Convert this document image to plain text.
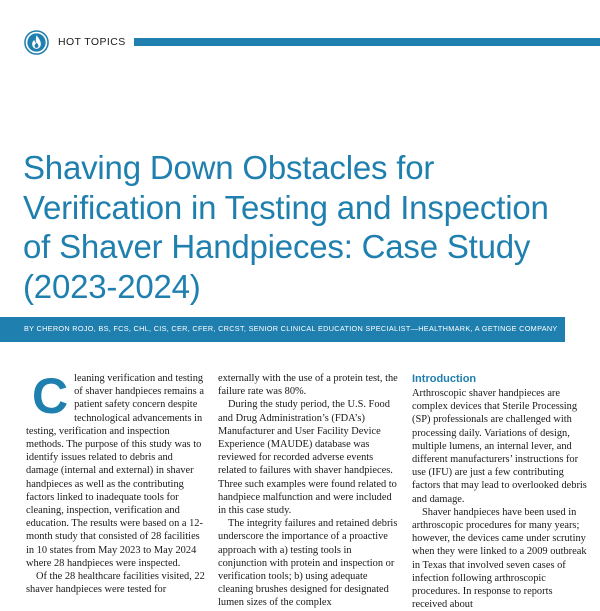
HOT TOPICS
Shaving Down Obstacles for Verification in Testing and Inspection of Shaver Handpieces: Case Study (2023-2024)
BY CHERON ROJO, BS, FCS, CHL, CIS, CER, CFER, CRCST, SENIOR CLINICAL EDUCATION SPECIALIST—HEALTHMARK, A GETINGE COMPANY

Cleaning verification and testing of shaver handpieces remains a patient safety concern despite technological advancements in testing, verification and inspection methods. The purpose of this study was to identify issues related to debris and damage (internal and external) in shaver handpieces as well as the contributing factors linked to inadequate tools for cleaning, inspection, verification and education. The results were based on a 12-month study that consisted of 28 facilities in 10 states from May 2023 to May 2024 where 28 handpieces were inspected.

Of the 28 healthcare facilities visited, 22 shaver handpieces were tested for

externally with the use of a protein test, the failure rate was 80%.

During the study period, the U.S. Food and Drug Administration’s (FDA’s) Manufacturer and User Facility Device Experience (MAUDE) database was reviewed for recorded adverse events related to failures with shaver handpieces. Three such examples were found related to handpiece malfunction and were included in this case study.

The integrity failures and retained debris underscore the importance of a proactive approach with a) testing tools in conjunction with protein and inspection or verification tools; b) using adequate cleaning brushes designed for designated lumen sizes of the complex

Introduction

Arthroscopic shaver handpieces are complex devices that Sterile Processing (SP) professionals are challenged with processing daily. Variations of design, multiple lumens, an internal lever, and different manufacturers’ instructions for use (IFU) are just a few contributing factors that may lead to overlooked debris and damage.

Shaver handpieces have been used in arthroscopic procedures for many years; however, the devices came under scrutiny when they were linked to a 2009 outbreak in Texas that involved seven cases of infection following arthroscopic procedures. In response to reports received about
